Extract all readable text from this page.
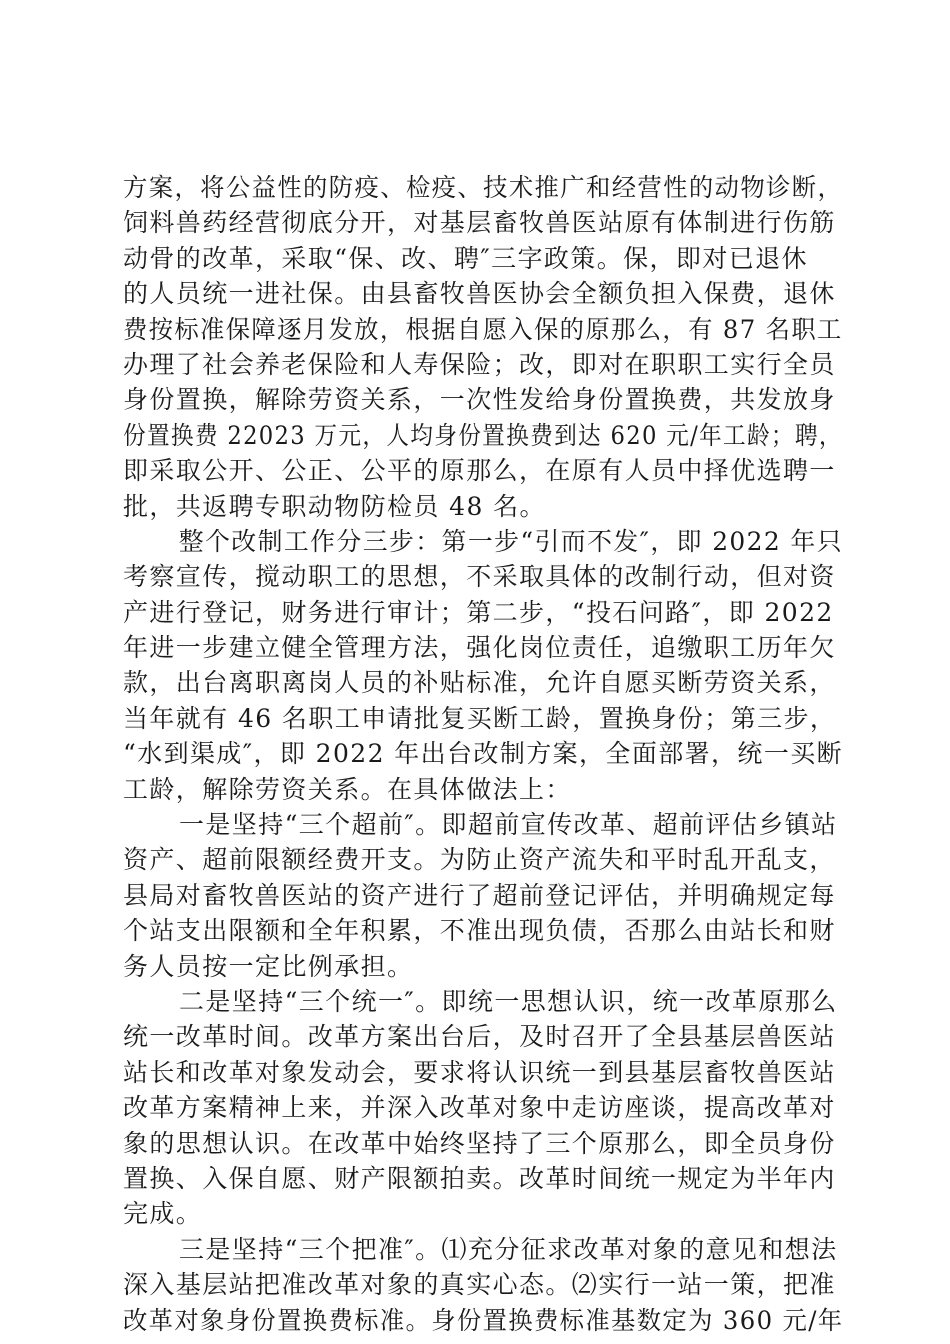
方案，将公益性的防疫、检疫、技术推广和经营性的动物诊断，
饲料兽药经营彻底分开，对基层畜牧兽医站原有体制进行伤筋
动骨的改革，采取“保、改、聘″三字政策。保，即对已退休
的人员统一进社保。由县畜牧兽医协会全额负担入保费，退休
费按标准保障逐月发放，根据自愿入保的原那么，有 87 名职工
办理了社会养老保险和人寿保险；改，即对在职职工实行全员
身份置换，解除劳资关系，一次性发给身份置换费，共发放身
份置换费 22023 万元，人均身份置换费到达 620 元/年工龄；聘，
即采取公开、公正、公平的原那么，在原有人员中择优选聘一
批，共返聘专职动物防检员 48 名。
整个改制工作分三步：第一步“引而不发″，即 2022 年只
考察宣传，搅动职工的思想，不采取具体的改制行动，但对资
产进行登记，财务进行审计；第二步，“投石问路″，即 2022
年进一步建立健全管理方法，强化岗位责任，追缴职工历年欠
款，出台离职离岗人员的补贴标准，允许自愿买断劳资关系，
当年就有 46 名职工申请批复买断工龄，置换身份；第三步，
“水到渠成″，即 2022 年出台改制方案，全面部署，统一买断
工龄，解除劳资关系。在具体做法上：
一是坚持“三个超前″。即超前宣传改革、超前评估乡镇站
资产、超前限额经费开支。为防止资产流失和平时乱开乱支，
县局对畜牧兽医站的资产进行了超前登记评估，并明确规定每
个站支出限额和全年积累，不准出现负债，否那么由站长和财
务人员按一定比例承担。
二是坚持“三个统一″。即统一思想认识，统一改革原那么
统一改革时间。改革方案出台后，及时召开了全县基层兽医站
站长和改革对象发动会，要求将认识统一到县基层畜牧兽医站
改革方案精神上来，并深入改革对象中走访座谈，提高改革对
象的思想认识。在改革中始终坚持了三个原那么，即全员身份
置换、入保自愿、财产限额拍卖。改革时间统一规定为半年内
完成。
三是坚持“三个把准″。⑴充分征求改革对象的意见和想法
深入基层站把准改革对象的真实心态。⑵实行一站一策，把准
改革对象身份置换费标准。身份置换费标准基数定为 360 元/年
